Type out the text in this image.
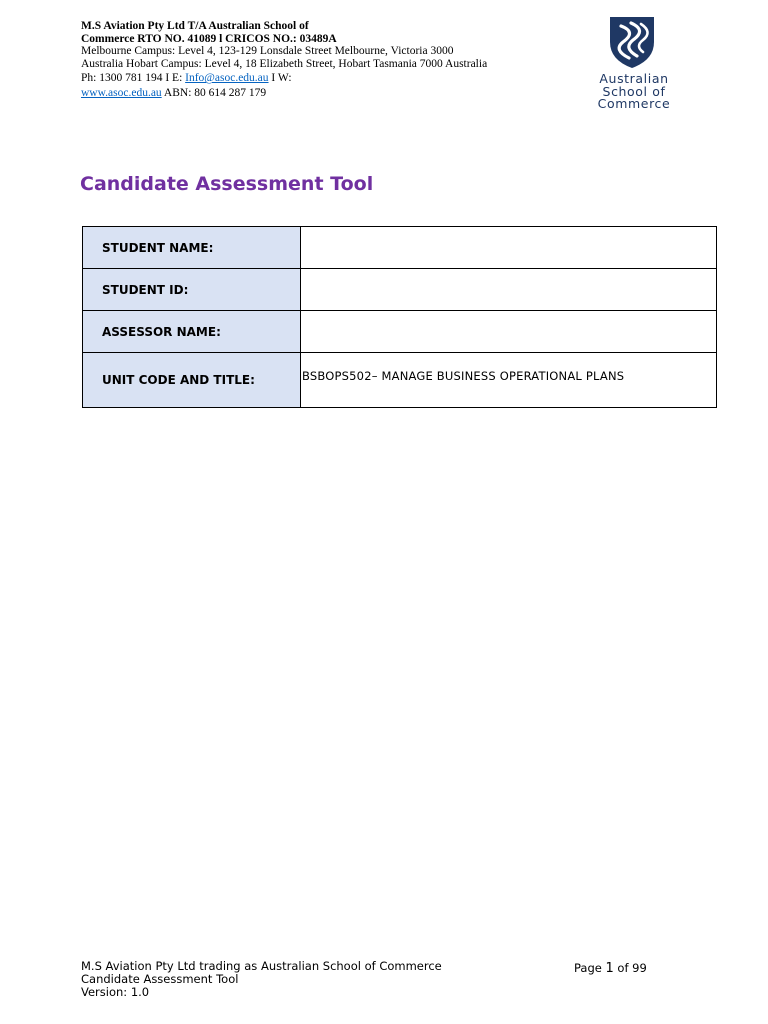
M.S Aviation Pty Ltd T/A Australian School of
Commerce RTO NO. 41089 l CRICOS NO.: 03489A
Melbourne Campus: Level 4, 123-129 Lonsdale Street Melbourne, Victoria 3000
Australia Hobart Campus: Level 4, 18 Elizabeth Street, Hobart Tasmania 7000 Australia
Ph: 1300 781 194 I E: Info@asoc.edu.au I W:
www.asoc.edu.au ABN: 80 614 287 179
Australian
School of
Commerce
Candidate Assessment Tool
STUDENT NAME:	
STUDENT ID:	
ASSESSOR NAME:	
UNIT CODE AND TITLE:	BSBOPS502– MANAGE BUSINESS OPERATIONAL PLANS
M.S Aviation Pty Ltd trading as Australian School of Commerce
Candidate Assessment Tool
Version: 1.0
Page 1 of 99
